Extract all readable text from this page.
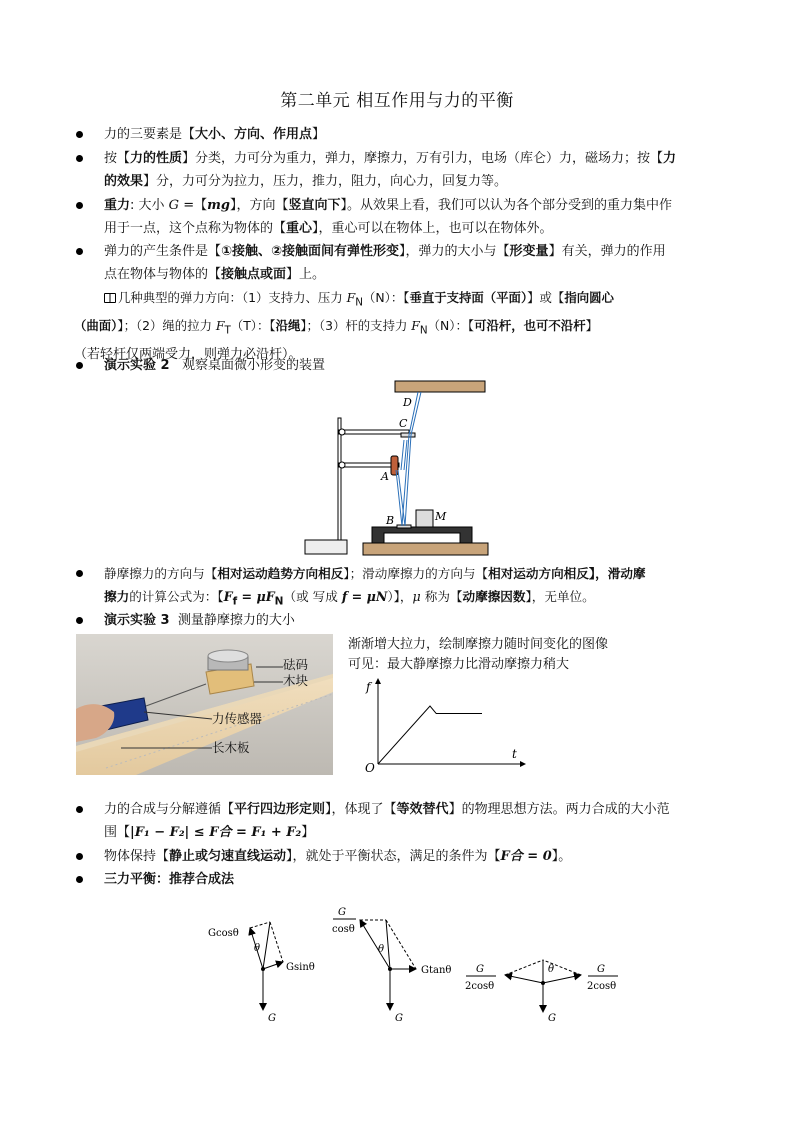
第二单元 相互作用与力的平衡
力的三要素是【大小、方向、作用点】
按【力的性质】分类，力可分为重力，弹力，摩擦力，万有引力，电场（库仑）力，磁场力；按【力
的效果】分，力可分为拉力，压力，推力，阻力，向心力，回复力等。
重力: 大小 G =【mg】，方向【竖直向下】。从效果上看，我们可以认为各个部分受到的重力集中作
用于一点，这个点称为物体的【重心】，重心可以在物体上，也可以在物体外。
弹力的产生条件是【①接触、②接触面间有弹性形变】，弹力的大小与【形变量】有关，弹力的作用
点在物体与物体的【接触点或面】上。
几种典型的弹力方向：（1）支持力、压力 $F_N(N)$：【垂直于支持面（平面）】或【指向圆心
（曲面）】；（2）绳的拉力 $F_T(T)$：【沿绳】；（3）杆的支持力 $F_N(N)$：【可沿杆，也可不沿杆】
（若轻杆仅两端受力，则弹力必沿杆）。
演示实验 2 观察桌面微小形变的装置
D
C
A
B	M
静摩擦力的方向与【相对运动趋势方向相反】；滑动摩擦力的方向与【相对运动方向相反】，滑动摩
擦力的计算公式为：【$F_f = \mu F_N$（或 写成 f = μN）】，μ 称为【动摩擦因数】，无单位。
演示实验 3 测量静摩擦力的大小
砝码
木块
力传感器
长木板
渐渐增大拉力，绘制摩擦力随时间变化的图像
可见：最大静摩擦力比滑动摩擦力稍大
f
t
O
力的合成与分解遵循【平行四边形定则】，体现了【等效替代】的物理思想方法。两力合成的大小范
围【|F₁ − F₂| ≤ F合 = F₁ + F₂】
物体保持【静止或匀速直线运动】，就处于平衡状态，满足的条件为【F合 = 0】。
三力平衡：推荐合成法
Gcosθ
Gsinθ
θ
G
G
cosθ
Gtanθ
θ
G
G
2cosθ
G
2cosθ
θ
G
